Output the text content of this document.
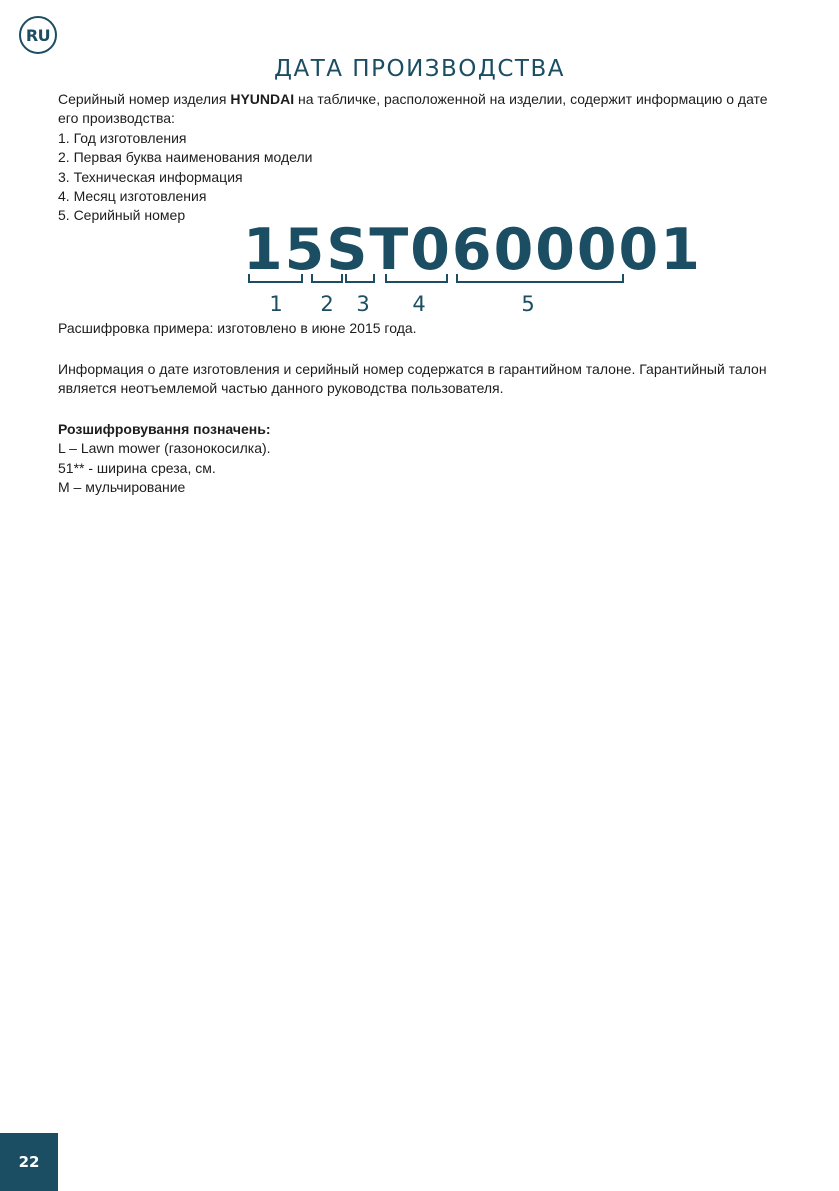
RU
ДАТА ПРОИЗВОДСТВА

Серийный номер изделия HYUNDAI на табличке, расположенной на изделии, содержит информацию о дате его производства:

1. Год изготовления
2. Первая буква наименования модели
3. Техническая информация
4. Месяц изготовления
5. Серийный номер

15ST0600001

1	2	3	4	5

Расшифровка примера: изготовлено в июне 2015 года.

Информация о дате изготовления и серийный номер содержатся в гарантийном талоне. Гарантийный талон является неотъемлемой частью данного руководства пользователя.

Розшифровування позначень:

L – Lawn mower (газонокосилка).
51** - ширина среза, см.
M – мульчирование
22
